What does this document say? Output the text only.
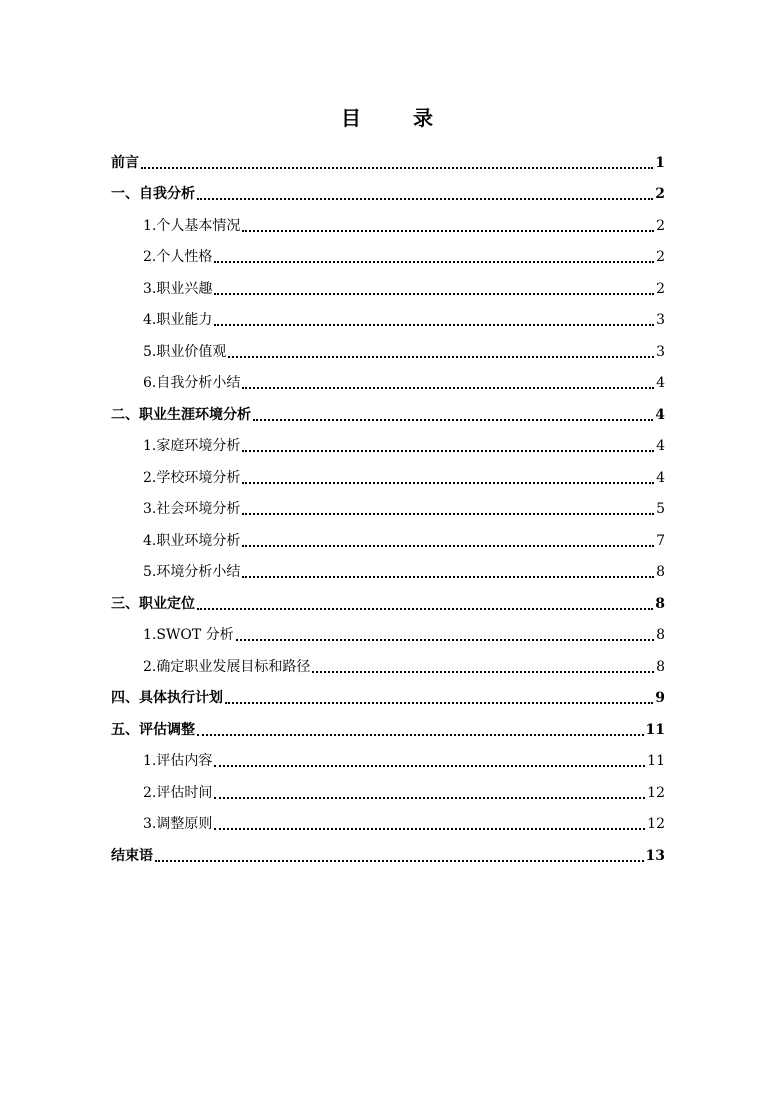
目　录
前言	1
一、自我分析	2
1.个人基本情况	2
2.个人性格	2
3.职业兴趣	2
4.职业能力	3
5.职业价值观	3
6.自我分析小结	4
二、职业生涯环境分析	4
1.家庭环境分析	4
2.学校环境分析	4
3.社会环境分析	5
4.职业环境分析	7
5.环境分析小结	8
三、职业定位	8
1.SWOT 分析	8
2.确定职业发展目标和路径	8
四、具体执行计划	9
五、评估调整	11
1.评估内容	11
2.评估时间	12
3.调整原则	12
结束语	13
